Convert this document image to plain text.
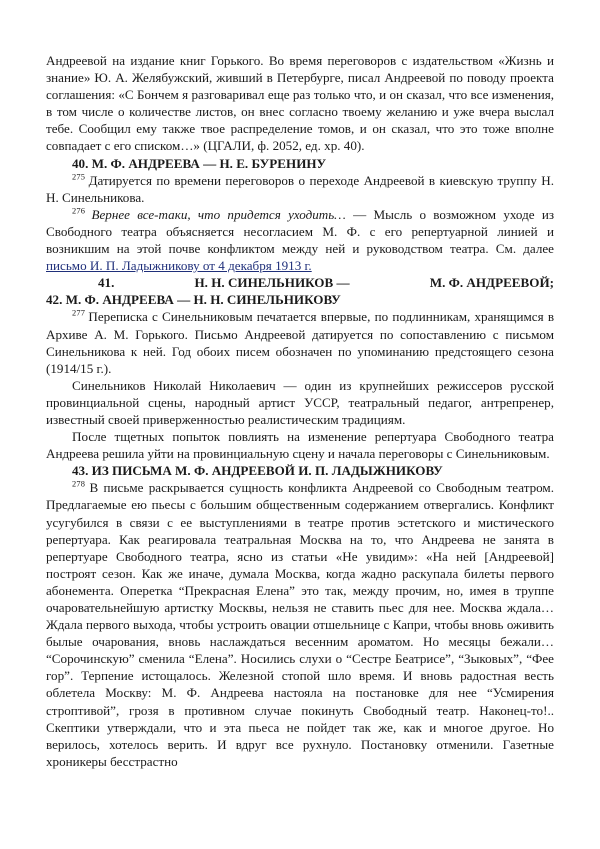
Андреевой на издание книг Горького. Во время переговоров с издательством «Жизнь и знание» Ю. А. Желябужский, живший в Петербурге, писал Андреевой по поводу проекта соглашения: «С Бончем я разговаривал еще раз только что, и он сказал, что все изменения, в том числе о количестве листов, он внес согласно твоему желанию и уже вчера выслал тебе. Сообщил ему также твое распределение томов, и он сказал, что это тоже вполне совпадает с его списком…» (ЦГАЛИ, ф. 2052, ед. хр. 40).

40. М. Ф. АНДРЕЕВА — Н. Е. БУРЕНИНУ

$^{275}$ Датируется по времени переговоров о переходе Андреевой в киевскую труппу Н. Н. Синельникова.

$^{276}$ Вернее все-таки, что придется уходить… — Мысль о возможном уходе из Свободного театра объясняется несогласием М. Ф. с его репертуарной линией и возникшим на этой почве конфликтом между ней и руководством театра. См. далее письмо И. П. Ладыжникову от 4 декабря 1913 г.

41.	Н. Н. СИНЕЛЬНИКОВ —	М. Ф. АНДРЕЕВОЙ;

42. М. Ф. АНДРЕЕВА — Н. Н. СИНЕЛЬНИКОВУ

$^{277}$ Переписка с Синельниковым печатается впервые, по подлинникам, хранящимся в Архиве А. М. Горького. Письмо Андреевой датируется по сопоставлению с письмом Синельникова к ней. Год обоих писем обозначен по упоминанию предстоящего сезона (1914/15 г.).

Синельников Николай Николаевич — один из крупнейших режиссеров русской провинциальной сцены, народный артист УССР, театральный педагог, антрепренер, известный своей приверженностью реалистическим традициям.

После тщетных попыток повлиять на изменение репертуара Свободного театра Андреева решила уйти на провинциальную сцену и начала переговоры с Синельниковым.

43. ИЗ ПИСЬМА М. Ф. АНДРЕЕВОЙ И. П. ЛАДЫЖНИКОВУ

$^{278}$ В письме раскрывается сущность конфликта Андреевой со Свободным театром. Предлагаемые ею пьесы с большим общественным содержанием отвергались. Конфликт усугубился в связи с ее выступлениями в театре против эстетского и мистического репертуара. Как реагировала театральная Москва на то, что Андреева не занята в репертуаре Свободного театра, ясно из статьи «Не увидим»: «На ней [Андреевой] построят сезон. Как же иначе, думала Москва, когда жадно раскупала билеты первого абонемента. Оперетка “Прекрасная Елена” это так, между прочим, но, имея в труппе очаровательнейшую артистку Москвы, нельзя не ставить пьес для нее. Москва ждала… Ждала первого выхода, чтобы устроить овации отшельнице с Капри, чтобы вновь оживить былые очарования, вновь наслаждаться весенним ароматом. Но месяцы бежали… “Сорочинскую” сменила “Елена”. Носились слухи о “Сестре Беатрисе”, “Зыковых”, “Фее гор”. Терпение истощалось. Железной стопой шло время. И вновь радостная весть облетела Москву: М. Ф. Андреева настояла на постановке для нее “Усмирения строптивой”, грозя в противном случае покинуть Свободный театр. Наконец-то!.. Скептики утверждали, что и эта пьеса не пойдет так же, как и многое другое. Но верилось, хотелось верить. И вдруг все рухнуло. Постановку отменили. Газетные хроникеры бесстрастно
